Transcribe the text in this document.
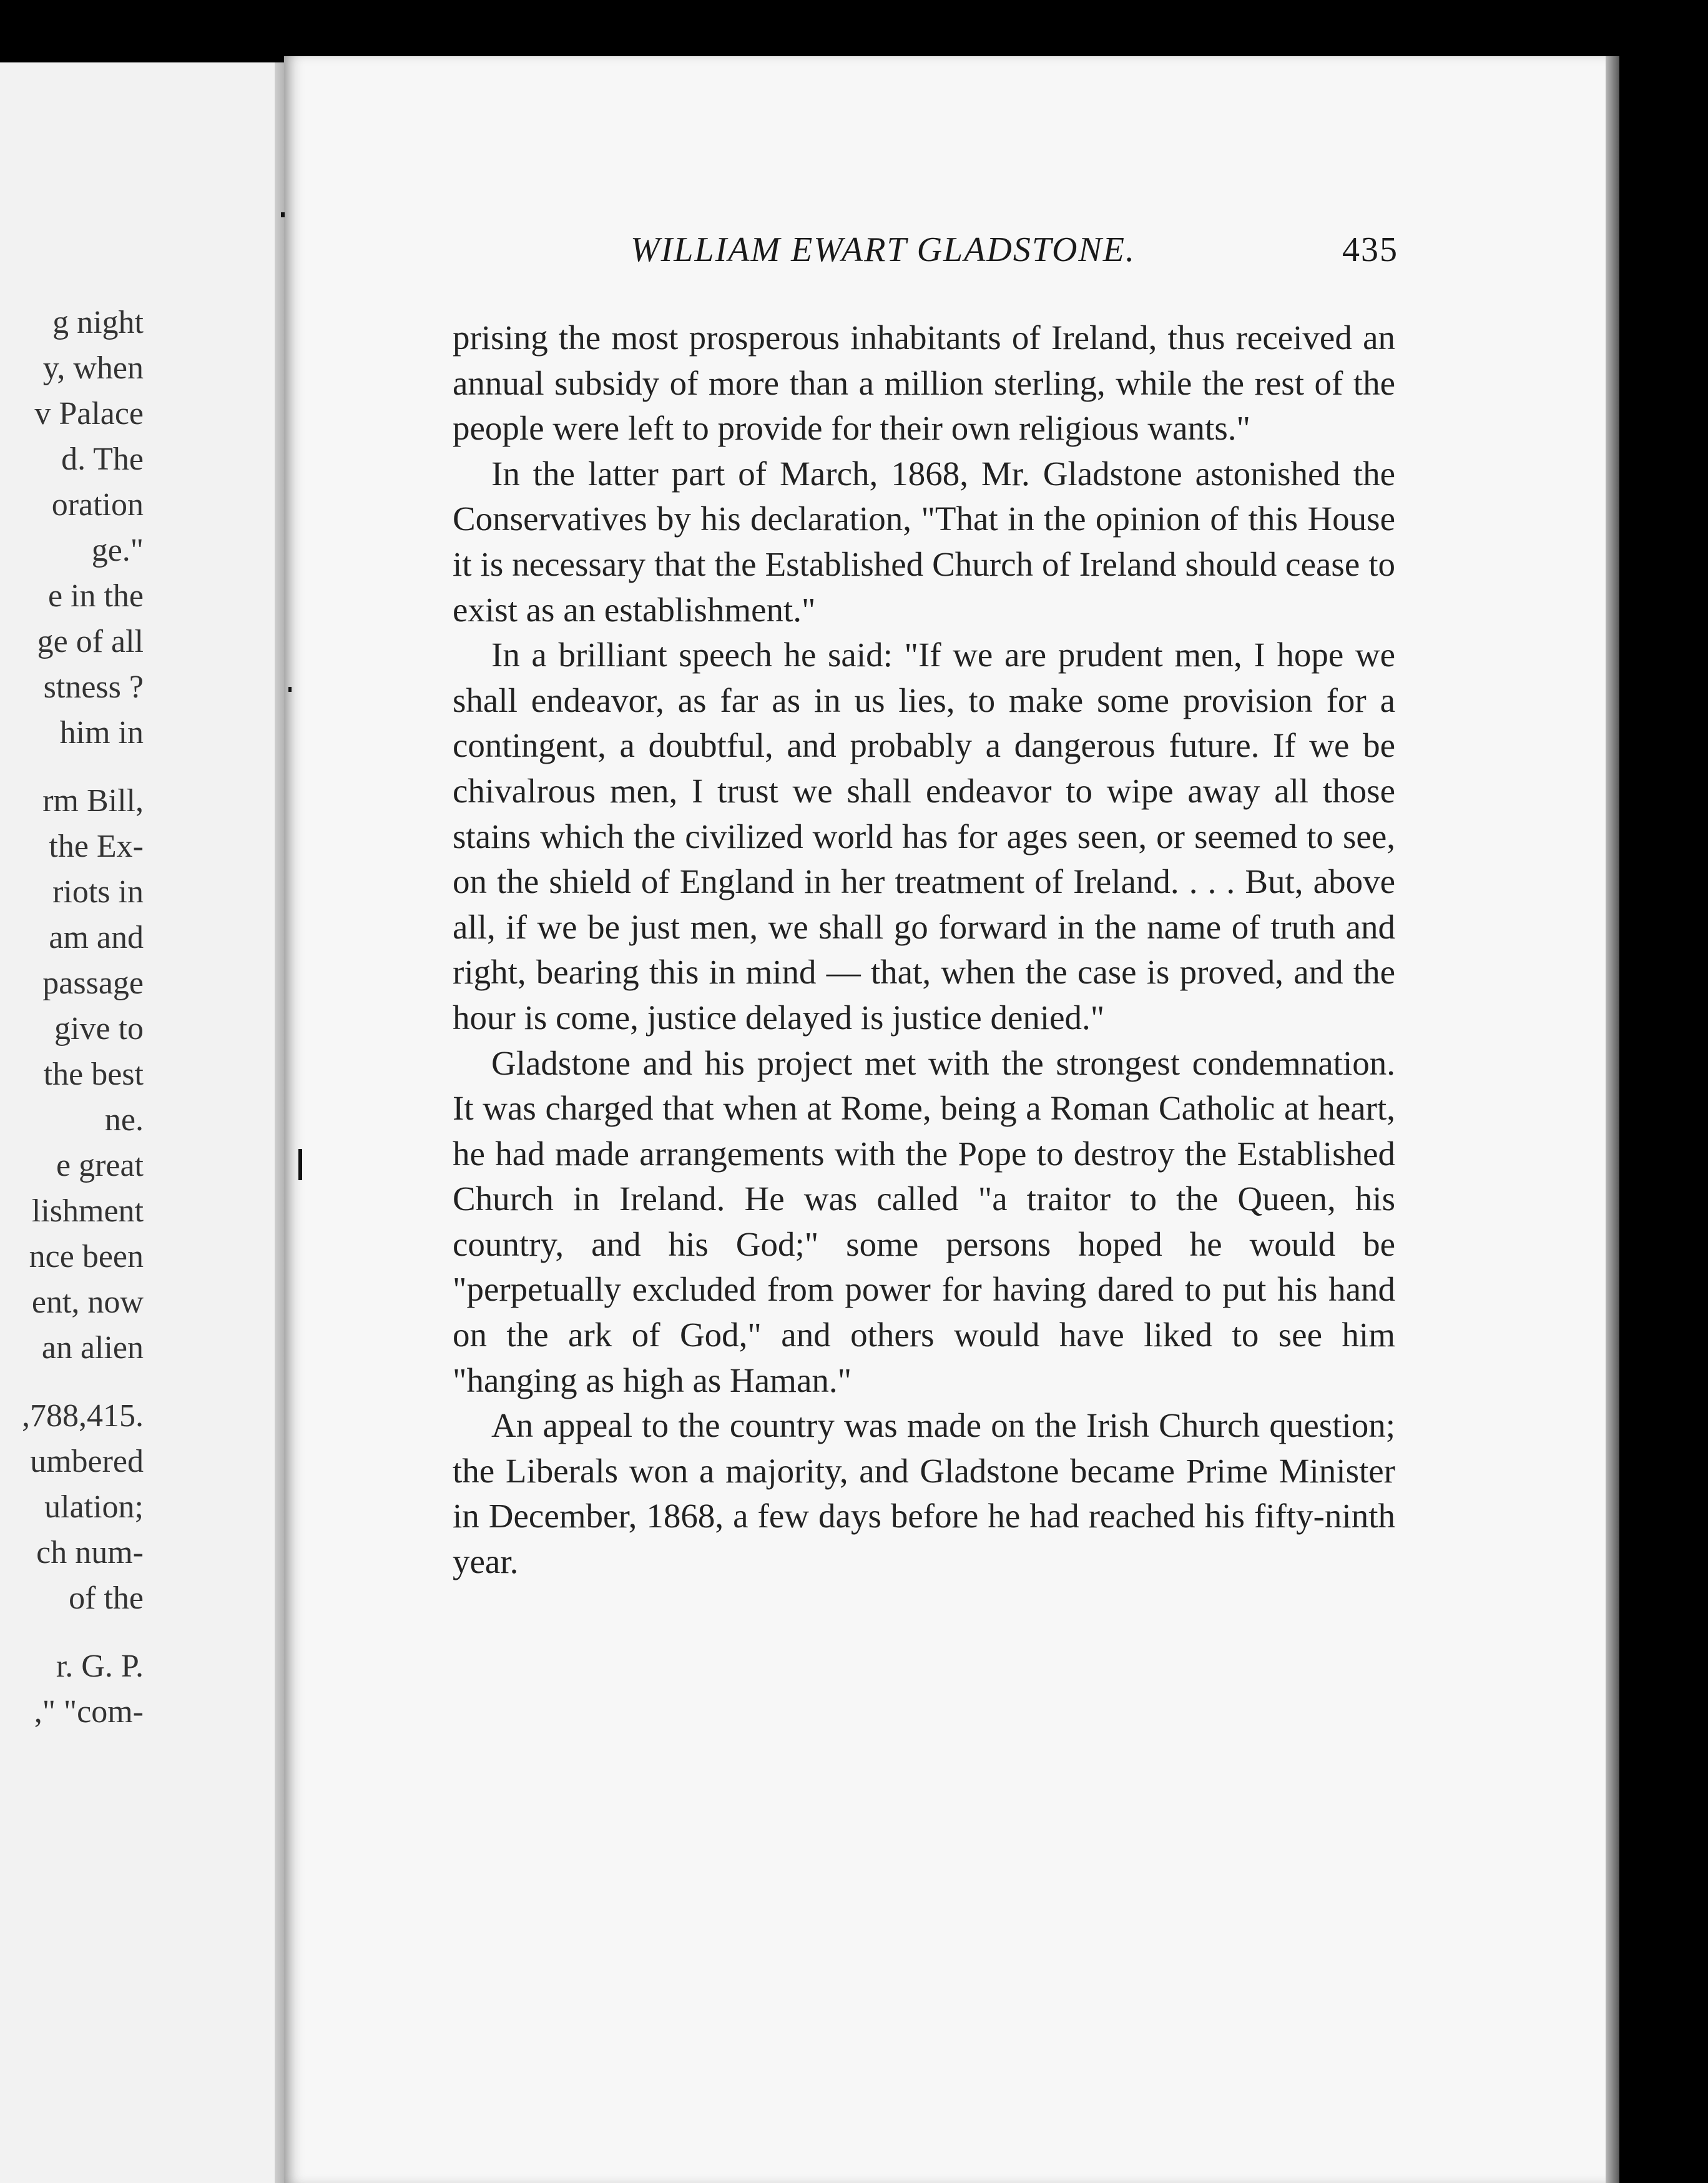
g night
y, when
v Palace
d. The
oration
ge."
e in the
ge of all
stness ?
him in
rm Bill,
the Ex-
riots in
am and
passage
give to
the best
ne.
e great
lishment
nce been
ent, now
an alien
,788,415.
umbered
ulation;
ch num-
of the
r. G. P.
," "com-
WILLIAM EWART GLADSTONE.	435

prising the most prosperous inhabitants of Ireland, thus received an annual subsidy of more than a million sterling, while the rest of the people were left to provide for their own religious wants."

In the latter part of March, 1868, Mr. Gladstone astonished the Conservatives by his declaration, "That in the opinion of this House it is necessary that the Established Church of Ireland should cease to exist as an establishment."

In a brilliant speech he said: "If we are prudent men, I hope we shall endeavor, as far as in us lies, to make some provision for a contingent, a doubtful, and probably a dangerous future. If we be chivalrous men, I trust we shall endeavor to wipe away all those stains which the civilized world has for ages seen, or seemed to see, on the shield of England in her treatment of Ireland. . . . But, above all, if we be just men, we shall go forward in the name of truth and right, bearing this in mind — that, when the case is proved, and the hour is come, justice delayed is justice denied."

Gladstone and his project met with the strongest condemnation. It was charged that when at Rome, being a Roman Catholic at heart, he had made arrangements with the Pope to destroy the Established Church in Ireland. He was called "a traitor to the Queen, his country, and his God;" some persons hoped he would be "perpetually excluded from power for having dared to put his hand on the ark of God," and others would have liked to see him "hanging as high as Haman."

An appeal to the country was made on the Irish Church question; the Liberals won a majority, and Gladstone became Prime Minister in December, 1868, a few days before he had reached his fifty-ninth year.
